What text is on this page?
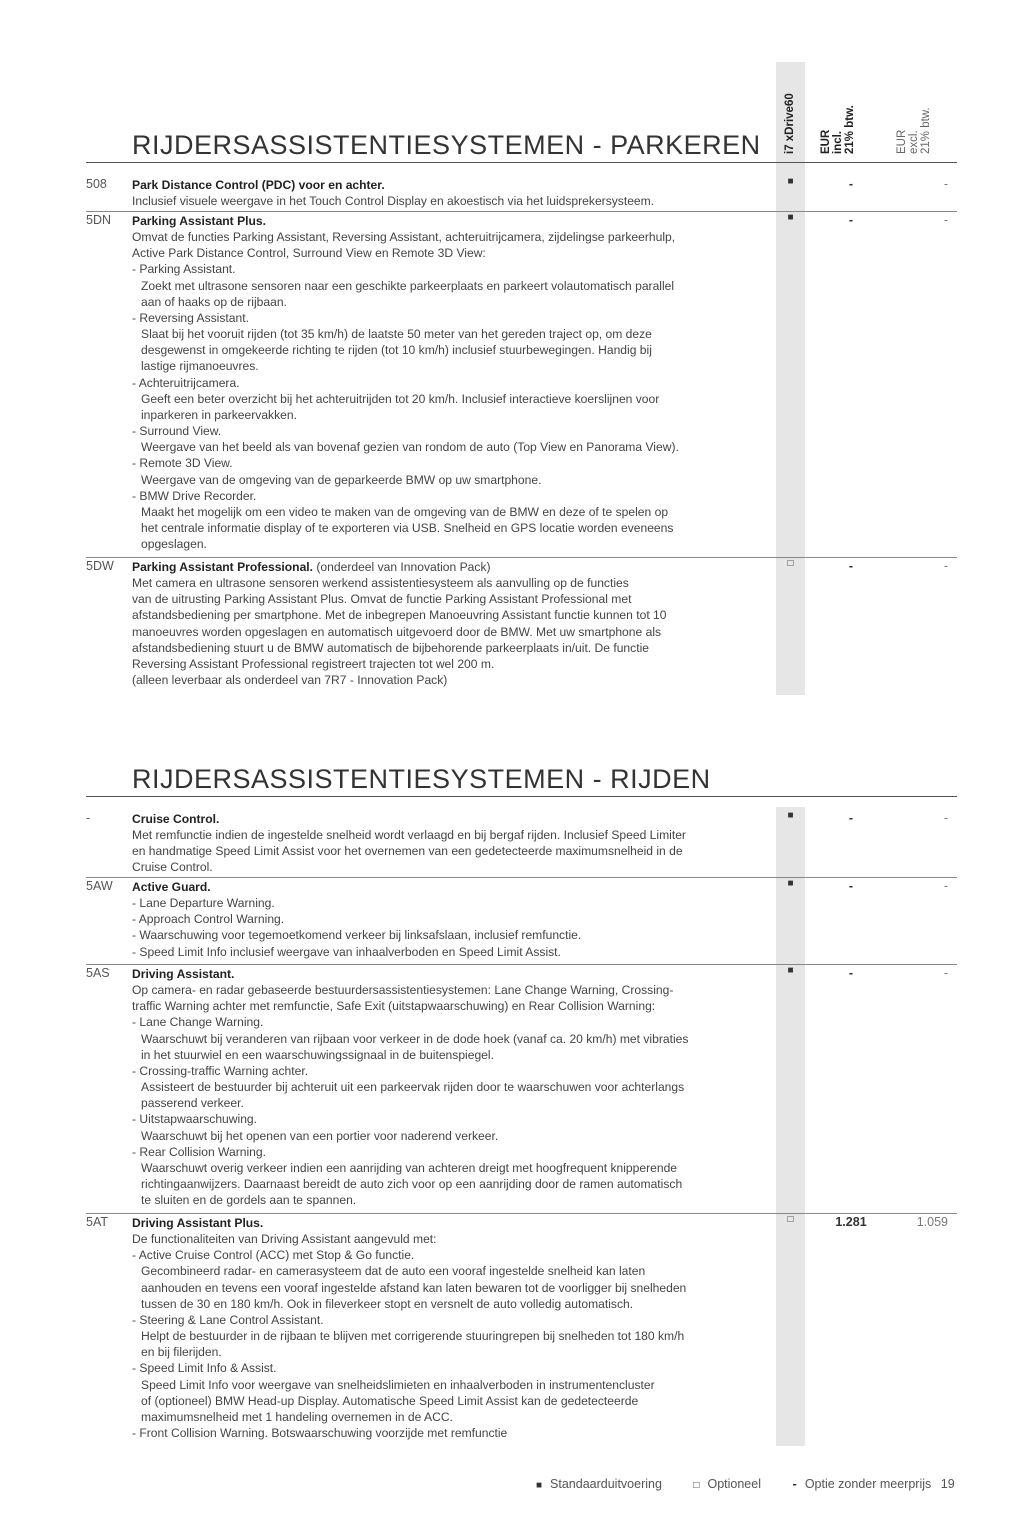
i7 xDrive60 EUR
incl.
21% btw.
EUR
excl.
21% btw.
RIJDERSASSISTENTIESYSTEMEN - PARKEREN
508 Park Distance Control (PDC) voor en achter.

Inclusief visuele weergave in het Touch Control Display en akoestisch via het luidsprekersysteem.

■	-	-
5DN Parking Assistant Plus.

Omvat de functies Parking Assistant, Reversing Assistant, achteruitrijcamera, zijdelingse parkeerhulp,

Active Park Distance Control, Surround View en Remote 3D View:

- Parking Assistant.

Zoekt met ultrasone sensoren naar een geschikte parkeerplaats en parkeert volautomatisch parallel

aan of haaks op de rijbaan.

- Reversing Assistant.

Slaat bij het vooruit rijden (tot 35 km/h) de laatste 50 meter van het gereden traject op, om deze

desgewenst in omgekeerde richting te rijden (tot 10 km/h) inclusief stuurbewegingen. Handig bij

lastige rijmanoeuvres.

- Achteruitrijcamera.

Geeft een beter overzicht bij het achteruitrijden tot 20 km/h. Inclusief interactieve koerslijnen voor

inparkeren in parkeervakken.

- Surround View.

Weergave van het beeld als van bovenaf gezien van rondom de auto (Top View en Panorama View).

- Remote 3D View.

Weergave van de omgeving van de geparkeerde BMW op uw smartphone.

- BMW Drive Recorder.

Maakt het mogelijk om een video te maken van de omgeving van de BMW en deze of te spelen op

het centrale informatie display of te exporteren via USB. Snelheid en GPS locatie worden eveneens

opgeslagen.

■	-	-
5DW Parking Assistant Professional. (onderdeel van Innovation Pack)

Met camera en ultrasone sensoren werkend assistentiesysteem als aanvulling op de functies

van de uitrusting Parking Assistant Plus. Omvat de functie Parking Assistant Professional met

afstandsbediening per smartphone. Met de inbegrepen Manoeuvring Assistant functie kunnen tot 10

manoeuvres worden opgeslagen en automatisch uitgevoerd door de BMW. Met uw smartphone als

afstandsbediening stuurt u de BMW automatisch de bijbehorende parkeerplaats in/uit. De functie

Reversing Assistant Professional registreert trajecten tot wel 200 m.

(alleen leverbaar als onderdeel van 7R7 - Innovation Pack)

□	-	-
RIJDERSASSISTENTIESYSTEMEN - RIJDEN
-	Cruise Control.

Met remfunctie indien de ingestelde snelheid wordt verlaagd en bij bergaf rijden. Inclusief Speed Limiter

en handmatige Speed Limit Assist voor het overnemen van een gedetecteerde maximumsnelheid in de

Cruise Control.

■	-	-
5AW Active Guard.

- Lane Departure Warning.

- Approach Control Warning.

- Waarschuwing voor tegemoetkomend verkeer bij linksafslaan, inclusief remfunctie.

- Speed Limit Info inclusief weergave van inhaalverboden en Speed Limit Assist.

■	-	-
5AS Driving Assistant.

Op camera- en radar gebaseerde bestuurdersassistentiesystemen: Lane Change Warning, Crossing-

traffic Warning achter met remfunctie, Safe Exit (uitstapwaarschuwing) en Rear Collision Warning:

- Lane Change Warning.

Waarschuwt bij veranderen van rijbaan voor verkeer in de dode hoek (vanaf ca. 20 km/h) met vibraties

in het stuurwiel en een waarschuwingssignaal in de buitenspiegel.

- Crossing-traffic Warning achter.

Assisteert de bestuurder bij achteruit uit een parkeervak rijden door te waarschuwen voor achterlangs

passerend verkeer.

- Uitstapwaarschuwing.

Waarschuwt bij het openen van een portier voor naderend verkeer.

- Rear Collision Warning.

Waarschuwt overig verkeer indien een aanrijding van achteren dreigt met hoogfrequent knipperende

richtingaanwijzers. Daarnaast bereidt de auto zich voor op een aanrijding door de ramen automatisch

te sluiten en de gordels aan te spannen.

■	-	-
5AT Driving Assistant Plus.

De functionaliteiten van Driving Assistant aangevuld met:

- Active Cruise Control (ACC) met Stop & Go functie.

Gecombineerd radar- en camerasysteem dat de auto een vooraf ingestelde snelheid kan laten

aanhouden en tevens een vooraf ingestelde afstand kan laten bewaren tot de voorligger bij snelheden

tussen de 30 en 180 km/h. Ook in fileverkeer stopt en versnelt de auto volledig automatisch.

- Steering & Lane Control Assistant.

Helpt de bestuurder in de rijbaan te blijven met corrigerende stuuringrepen bij snelheden tot 180 km/h

en bij filerijden.

- Speed Limit Info & Assist.

Speed Limit Info voor weergave van snelheidslimieten en inhaalverboden in instrumentencluster

of (optioneel) BMW Head-up Display. Automatische Speed Limit Assist kan de gedetecteerde

maximumsnelheid met 1 handeling overnemen in de ACC.

- Front Collision Warning. Botswaarschuwing voorzijde met remfunctie

□	1.281	1.059
■ Standaarduitvoering	□ Optioneel - Optie zonder meerprijs 19
